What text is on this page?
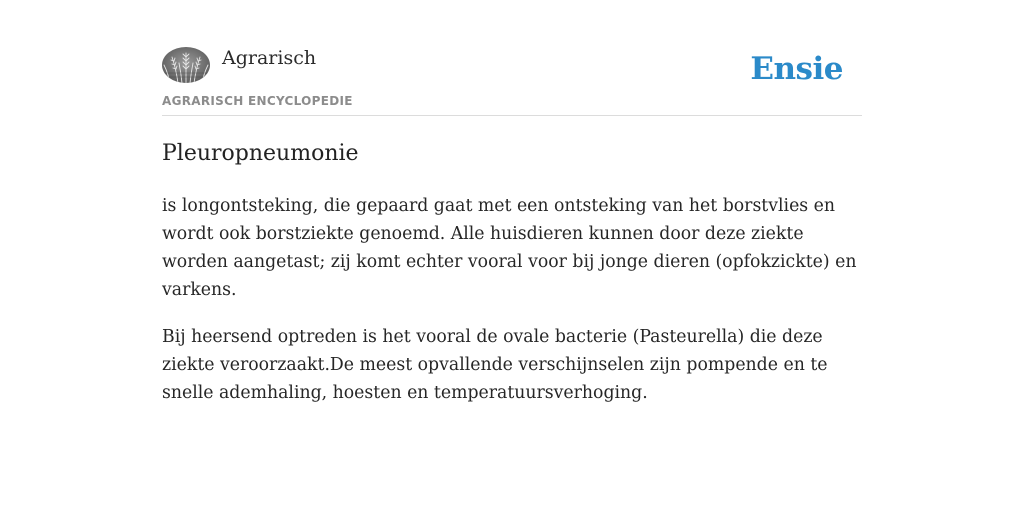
Agrarisch
AGRARISCH ENCYCLOPEDIE
Ensie
Pleuropneumonie

is longontsteking, die gepaard gaat met een ontsteking van het borstvlies en wordt ook borstziekte genoemd. Alle huisdieren kunnen door deze ziekte worden aangetast; zij komt echter vooral voor bij jonge dieren (opfokzickte) en varkens.

Bij heersend optreden is het vooral de ovale bacterie (Pasteurella) die deze ziekte veroorzaakt.De meest opvallende verschijnselen zijn pompende en te snelle ademhaling, hoesten en temperatuursverhoging.
